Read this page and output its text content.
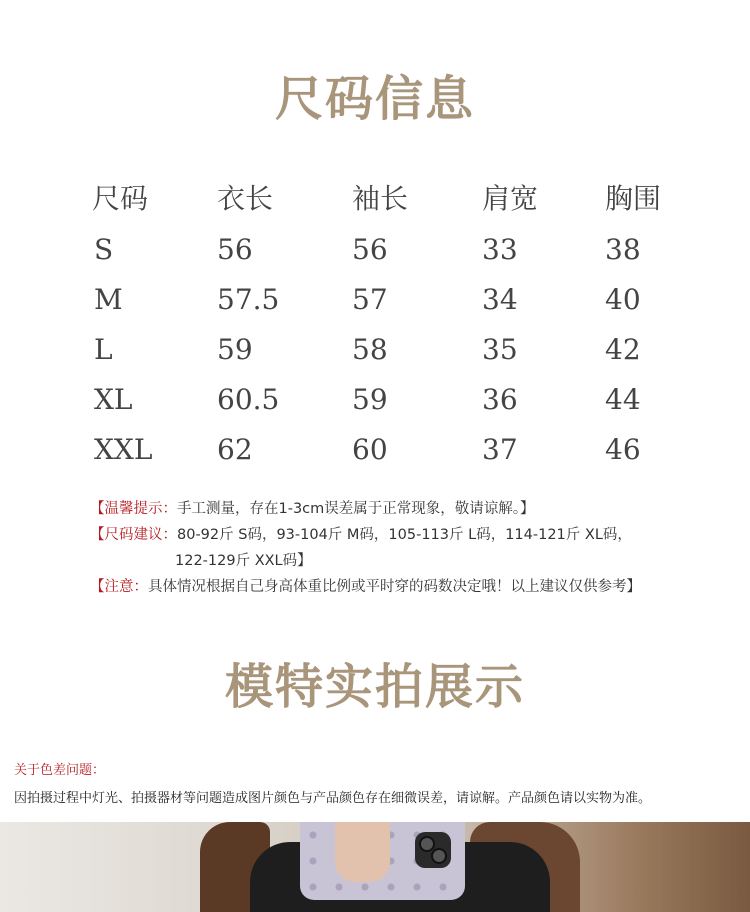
尺码信息
尺码	衣长	袖长	肩宽	胸围
S	56	56	33	38
M	57.5	57	34	40
L	59	58	35	42
XL	60.5	59	36	44
XXL	62	60	37	46
【温馨提示：手工测量，存在1-3cm误差属于正常现象，敬请谅解。】
【尺码建议：80-92斤 S码，93-104斤 M码，105-113斤 L码，114-121斤 XL码，
122-129斤 XXL码】
【注意：具体情况根据自己身高体重比例或平时穿的码数决定哦！以上建议仅供参考】
模特实拍展示
关于色差问题：
因拍摄过程中灯光、拍摄器材等问题造成图片颜色与产品颜色存在细微误差，请谅解。产品颜色请以实物为准。
